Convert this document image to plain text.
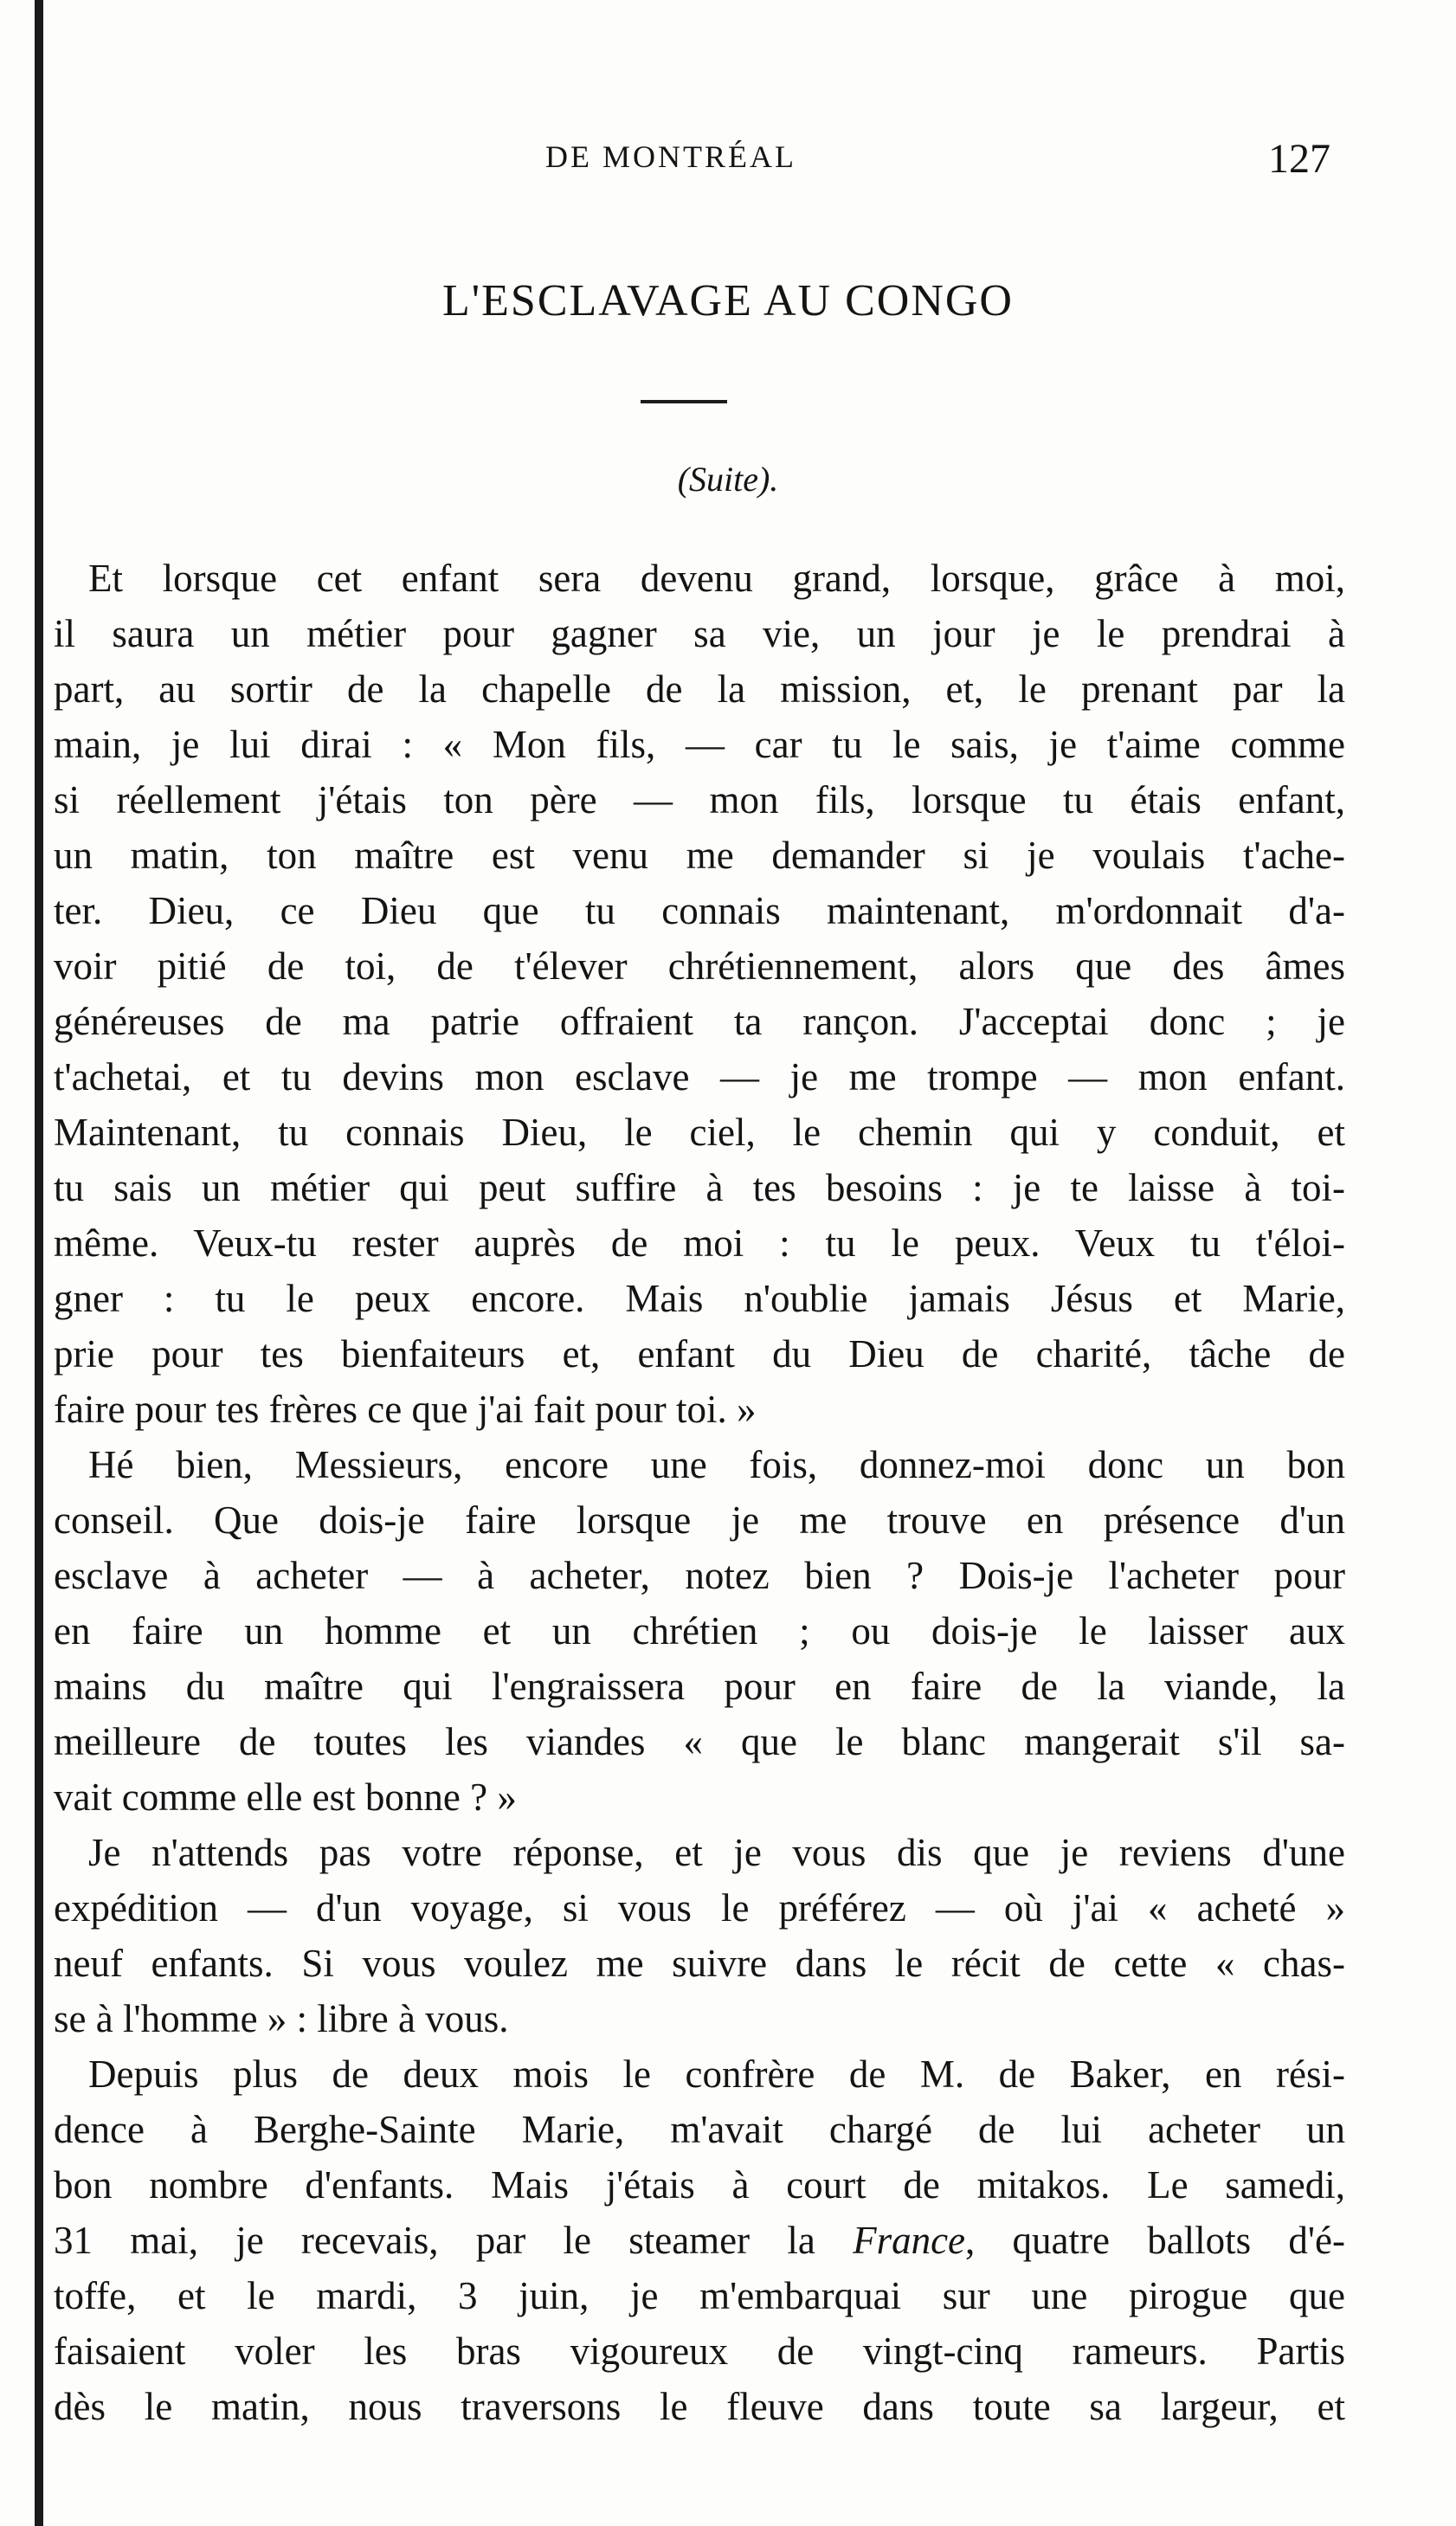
DE MONTRÉAL	127
L'ESCLAVAGE AU CONGO
(Suite).
Et lorsque cet enfant sera devenu grand, lorsque, grâce à moi,
il saura un métier pour gagner sa vie, un jour je le prendrai à
part, au sortir de la chapelle de la mission, et, le prenant par la
main, je lui dirai : « Mon fils, — car tu le sais, je t'aime comme
si réellement j'étais ton père — mon fils, lorsque tu étais enfant,
un matin, ton maître est venu me demander si je voulais t'ache-
ter. Dieu, ce Dieu que tu connais maintenant, m'ordonnait d'a-
voir pitié de toi, de t'élever chrétiennement, alors que des âmes
généreuses de ma patrie offraient ta rançon. J'acceptai donc ; je
t'achetai, et tu devins mon esclave — je me trompe — mon enfant.
Maintenant, tu connais Dieu, le ciel, le chemin qui y conduit, et
tu sais un métier qui peut suffire à tes besoins : je te laisse à toi-
même. Veux-tu rester auprès de moi : tu le peux. Veux tu t'éloi-
gner : tu le peux encore. Mais n'oublie jamais Jésus et Marie,
prie pour tes bienfaiteurs et, enfant du Dieu de charité, tâche de
faire pour tes frères ce que j'ai fait pour toi. »
Hé bien, Messieurs, encore une fois, donnez-moi donc un bon
conseil. Que dois-je faire lorsque je me trouve en présence d'un
esclave à acheter — à acheter, notez bien ? Dois-je l'acheter pour
en faire un homme et un chrétien ; ou dois-je le laisser aux
mains du maître qui l'engraissera pour en faire de la viande, la
meilleure de toutes les viandes « que le blanc mangerait s'il sa-
vait comme elle est bonne ? »
Je n'attends pas votre réponse, et je vous dis que je reviens d'une
expédition — d'un voyage, si vous le préférez — où j'ai « acheté »
neuf enfants. Si vous voulez me suivre dans le récit de cette « chas-
se à l'homme » : libre à vous.
Depuis plus de deux mois le confrère de M. de Baker, en rési-
dence à Berghe-Sainte Marie, m'avait chargé de lui acheter un
bon nombre d'enfants. Mais j'étais à court de mitakos. Le samedi,
31 mai, je recevais, par le steamer la France, quatre ballots d'é-
toffe, et le mardi, 3 juin, je m'embarquai sur une pirogue que
faisaient voler les bras vigoureux de vingt-cinq rameurs. Partis
dès le matin, nous traversons le fleuve dans toute sa largeur, et
